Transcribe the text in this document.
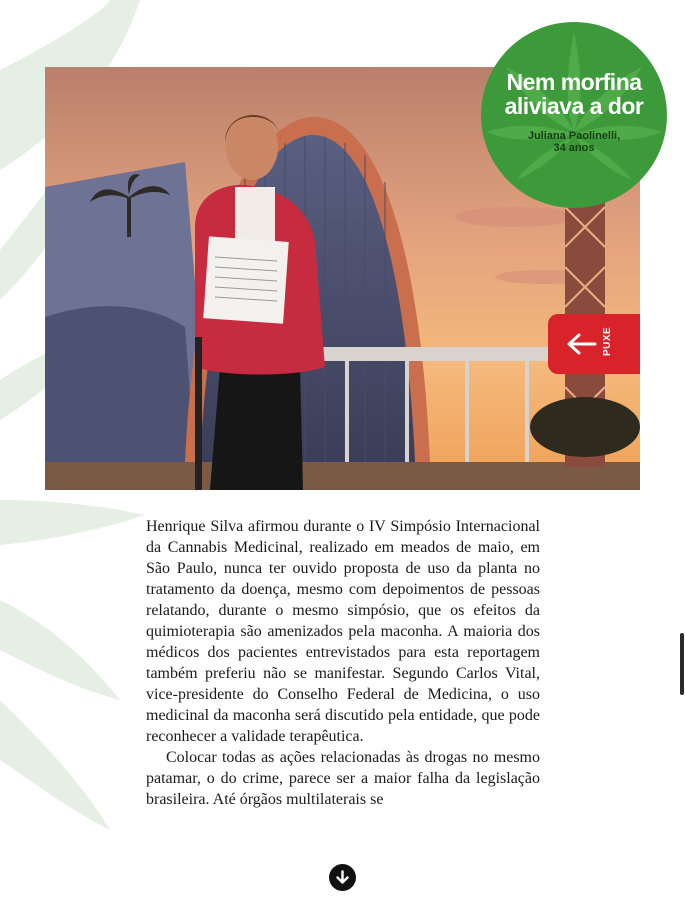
Nem morfina
aliviava a dor
Juliana Paolinelli,
34 anos
PUXE

Henrique Silva afirmou durante o IV Simpósio Internacional da Cannabis Medicinal, realizado em meados de maio, em São Paulo, nunca ter ouvido proposta de uso da planta no tratamento da doença, mesmo com depoimentos de pessoas relatando, durante o mesmo simpósio, que os efeitos da quimioterapia são amenizados pela maconha. A maioria dos médicos dos pacientes entrevistados para esta reportagem também preferiu não se manifestar. Segundo Carlos Vital, vice-presidente do Conselho Federal de Medicina, o uso medicinal da maconha será discutido pela entidade, que pode reconhecer a validade terapêutica.

Colocar todas as ações relacionadas às drogas no mesmo patamar, o do crime, parece ser a maior falha da legislação brasileira. Até órgãos multilaterais se
